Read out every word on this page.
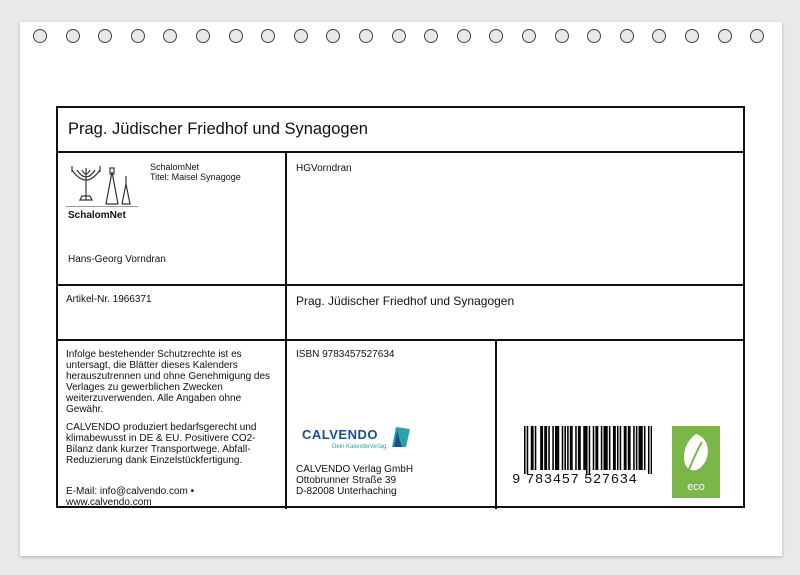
Prag. Jüdischer Friedhof und Synagogen
SchalomNet
SchalomNet
Titel: Maisel Synagoge
Hans-Georg Vorndran
HGVorndran
Artikel-Nr. 1966371	Prag. Jüdischer Friedhof und Synagogen
Infolge bestehender Schutzrechte ist es untersagt, die Blätter dieses Kalenders herauszutrennen und ohne Genehmigung des Verlages zu gewerblichen Zwecken weiterzuverwenden. Alle Angaben ohne Gewähr.
CALVENDO produziert bedarfsgerecht und klimabewusst in DE & EU. Positivere CO2-Bilanz dank kurzer Transportwege. Abfall-Reduzierung dank Einzelstückfertigung.
E-Mail: info@calvendo.com • www.calvendo.com
ISBN 9783457527634
CALVENDO
Dein Kalenderverlag
CALVENDO Verlag GmbH
Ottobrunner Straße 39
D-82008 Unterhaching
9 783457 527634	eco
